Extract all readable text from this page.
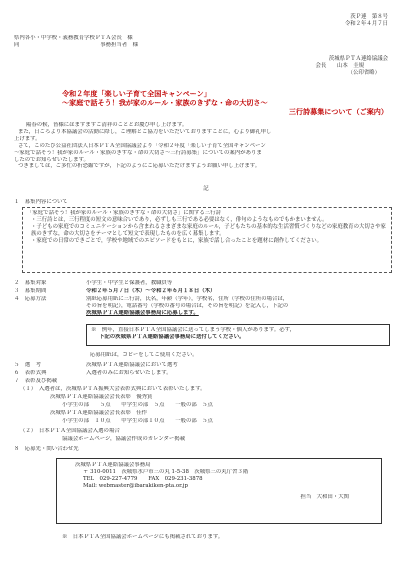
茨Ｐ連　第８号
令和２年４月７日
県内各小・中学校・義務教育学校ＰＴＡ会長　様
同　　　　　　　　　　　　　　　事務担当者　様
茨城県ＰＴＡ連絡協議会
会長　　山本　圭規
（公印省略）
令和２年度「楽しい子育て全国キャンペーン」
～家庭で話そう！我が家のルール・家族のきずな・命の大切さ～
三行詩募集について（ご案内）
陽春の候，皆様にはますますご清祥のこととお慶び申し上げます。
また，日ごろより本協議会の活動に際し，ご理解とご協力をいただいておりますことに，心より御礼申し
上げます。
さて，このたび公益社団法人日本ＰＴＡ全国協議会より「令和２年度「楽しい子育て全国キャンペーン
～家庭で話そう！我が家のルール・家族のきずな・命の大切さ～三行詩募集」についての案内がありま
したのでお知らせいたします。
つきましては，ご多忙の折恐縮ですが，下記のようにご応募いただけますようお願い申し上げます。
記
１　募集内容について
「家庭で話そう！我が家のルール・家族のきずな・命の大切さ」に関する三行詩
・三行詩とは，三行程度の短文の意味合いであり，必ずしも三行である必要はなく，俳句のようなものでもかまいません。
・子どもの家庭でのコミュニケーションから含まれるさまざまな家庭のルール，子どもたちの基本的な生活習慣づくりなどの家庭教育の大切さや家族のきずな，命の大切さをテーマとして短文で表現したものを広く募集します。
・家庭での日常のできごとで，学校や地域でのエピソードをもとに，家族で話し合ったことを題材に創作してください。
２　募集対象	小学生・中学生と保護者，教職員等
３　募集期間	令和２年５月７日（木）～令和２年６月１８日（木）
４　応募方法	別紙応募用紙に三行詩，氏名，年齢（学年），学校名，住所（学校の住所の場合は，
その旨を明記），電話番号（学校の番号の場合は，その旨を明記）を記入し，下記の
茨城県ＰＴＡ連絡協議会事務局に応募します。
※　例年，直接日本ＰＴＡ全国協議会に送ってしまう学校・個人があります。必ず，
下記の茨城県ＰＴＡ連絡協議会事務局に送付してください。
応募用紙は，コピーをしてご使用ください。
５　選　考	茨城県ＰＴＡ連絡協議会において選考
６　表彰式典	入選者のみにお知らせいたします。
７　表彰及び掲載
（１）　入選者は，茨城県ＰＴＡ振興大会表彰式典において表彰いたします。
茨城県ＰＴＡ連絡協議会会長表彰　優秀賞
小学生の部　　５点　　中学生の部　５点　　一般の部　５点
茨城県ＰＴＡ連絡協議会会長表彰　佳作
小学生の部　１０点　　中学生の部１０点　　一般の部　５点
（２）　日本ＰＴＡ全国協議会入選の場合
協議会ホームページ，協議会作成のカレンダー掲載
８　応募先・問い合わせ先
茨城県ＰＴＡ連絡協議会事務局
〒 310-0011　茨城県水戸市三の丸 1-5-38　茨城県三の丸庁舎３階
TEL　029-227-4779　　FAX　029-231-3878
Mail: webmaster@ibarakiken-pta.or.jp
担当　大和田・大関
※　日本ＰＴＡ全国協議会ホームページにも掲載されております。
